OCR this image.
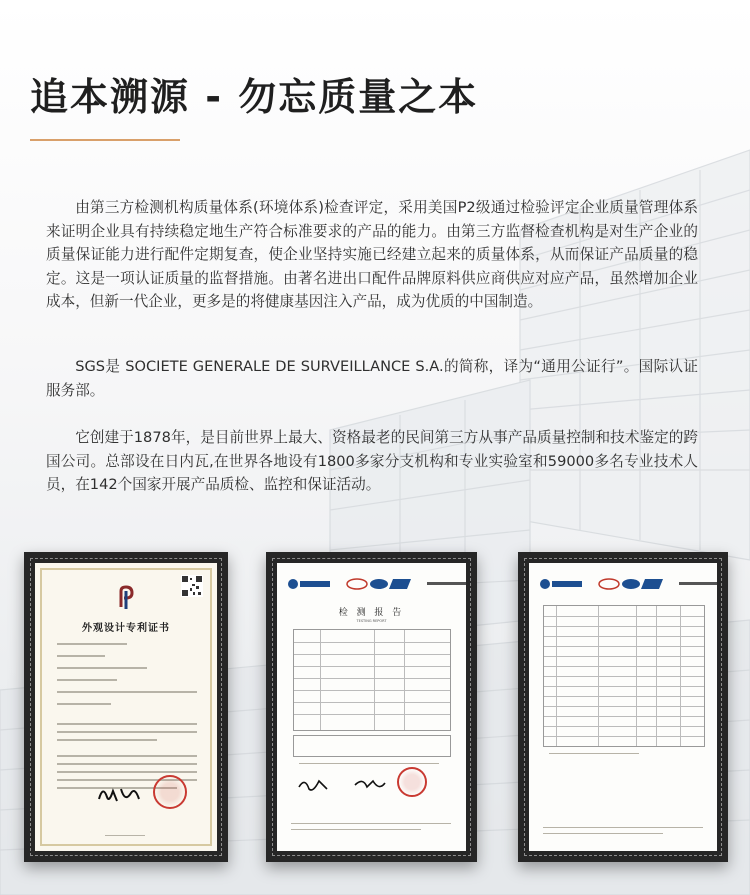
追本溯源 - 勿忘质量之本

由第三方检测机构质量体系(环境体系)检查评定，采用美国P2级通过检验评定企业质量管理体系来证明企业具有持续稳定地生产符合标准要求的产品的能力。由第三方监督检查机构是对生产企业的质量保证能力进行配件定期复查，使企业坚持实施已经建立起来的质量体系，从而保证产品质量的稳定。这是一项认证质量的监督措施。由著名进出口配件品牌原料供应商供应对应产品，虽然增加企业成本，但新一代企业，更多是的将健康基因注入产品，成为优质的中国制造。

SGS是 SOCIETE GENERALE DE SURVEILLANCE S.A.的简称，译为“通用公证行”。国际认证服务部。

它创建于1878年，是目前世界上最大、资格最老的民间第三方从事产品质量控制和技术鉴定的跨国公司。总部设在日内瓦,在世界各地设有1800多家分支机构和专业实验室和59000多名专业技术人员，在142个国家开展产品质检、监控和保证活动。

外观设计专利证书
检 测 报 告
TESTING REPORT
